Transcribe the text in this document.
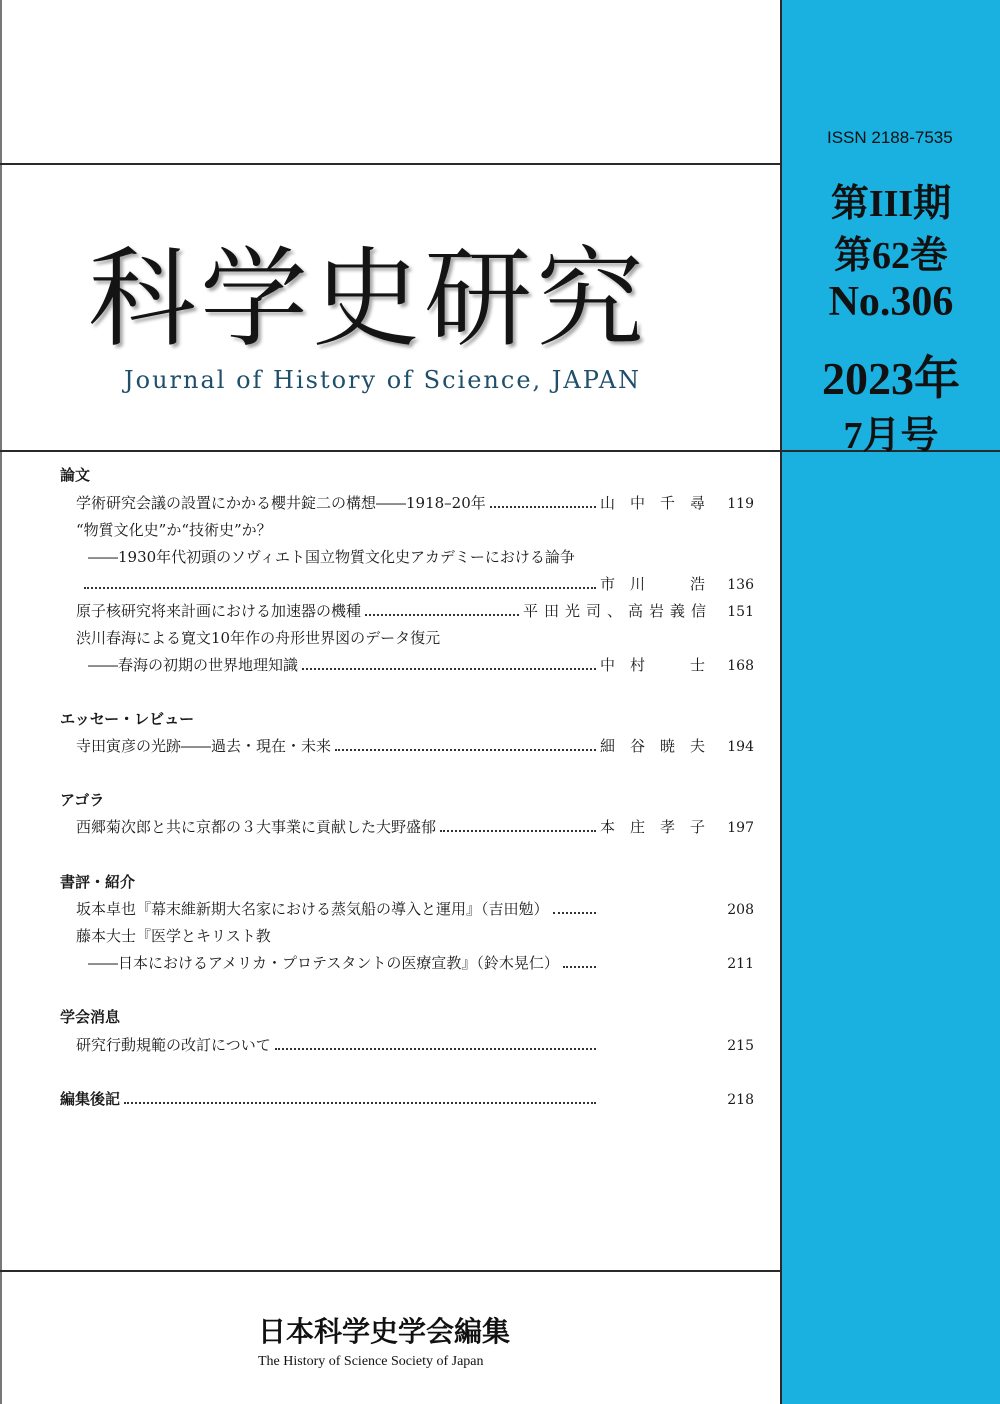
科学史研究
Journal of History of Science, JAPAN
ISSN 2188-7535
第III期
第62巻
No.306
2023年
7月号
論文
学術研究会議の設置にかかる櫻井錠二の構想――1918–20年	山中千尋 119
“物質文化史”か“技術史”か？
――1930年代初頭のソヴィエト国立物質文化史アカデミーにおける論争
市川　浩 136
原子核研究将来計画における加速器の機種	平田光司、高岩義信	151
渋川春海による寛文10年作の舟形世界図のデータ復元
――春海の初期の世界地理知識	中村　士 168
エッセー・レビュー
寺田寅彦の光跡――過去・現在・未来	細谷暁夫 194
アゴラ
西郷菊次郎と共に京都の３大事業に貢献した大野盛郁	本庄孝子 197
書評・紹介
坂本卓也『幕末維新期大名家における蒸気船の導入と運用』（吉田勉）	208
藤本大士『医学とキリスト教
――日本におけるアメリカ・プロテスタントの医療宣教』（鈴木晃仁）	211
学会消息
研究行動規範の改訂について	215
編集後記	218
日本科学史学会編集
The History of Science Society of Japan
